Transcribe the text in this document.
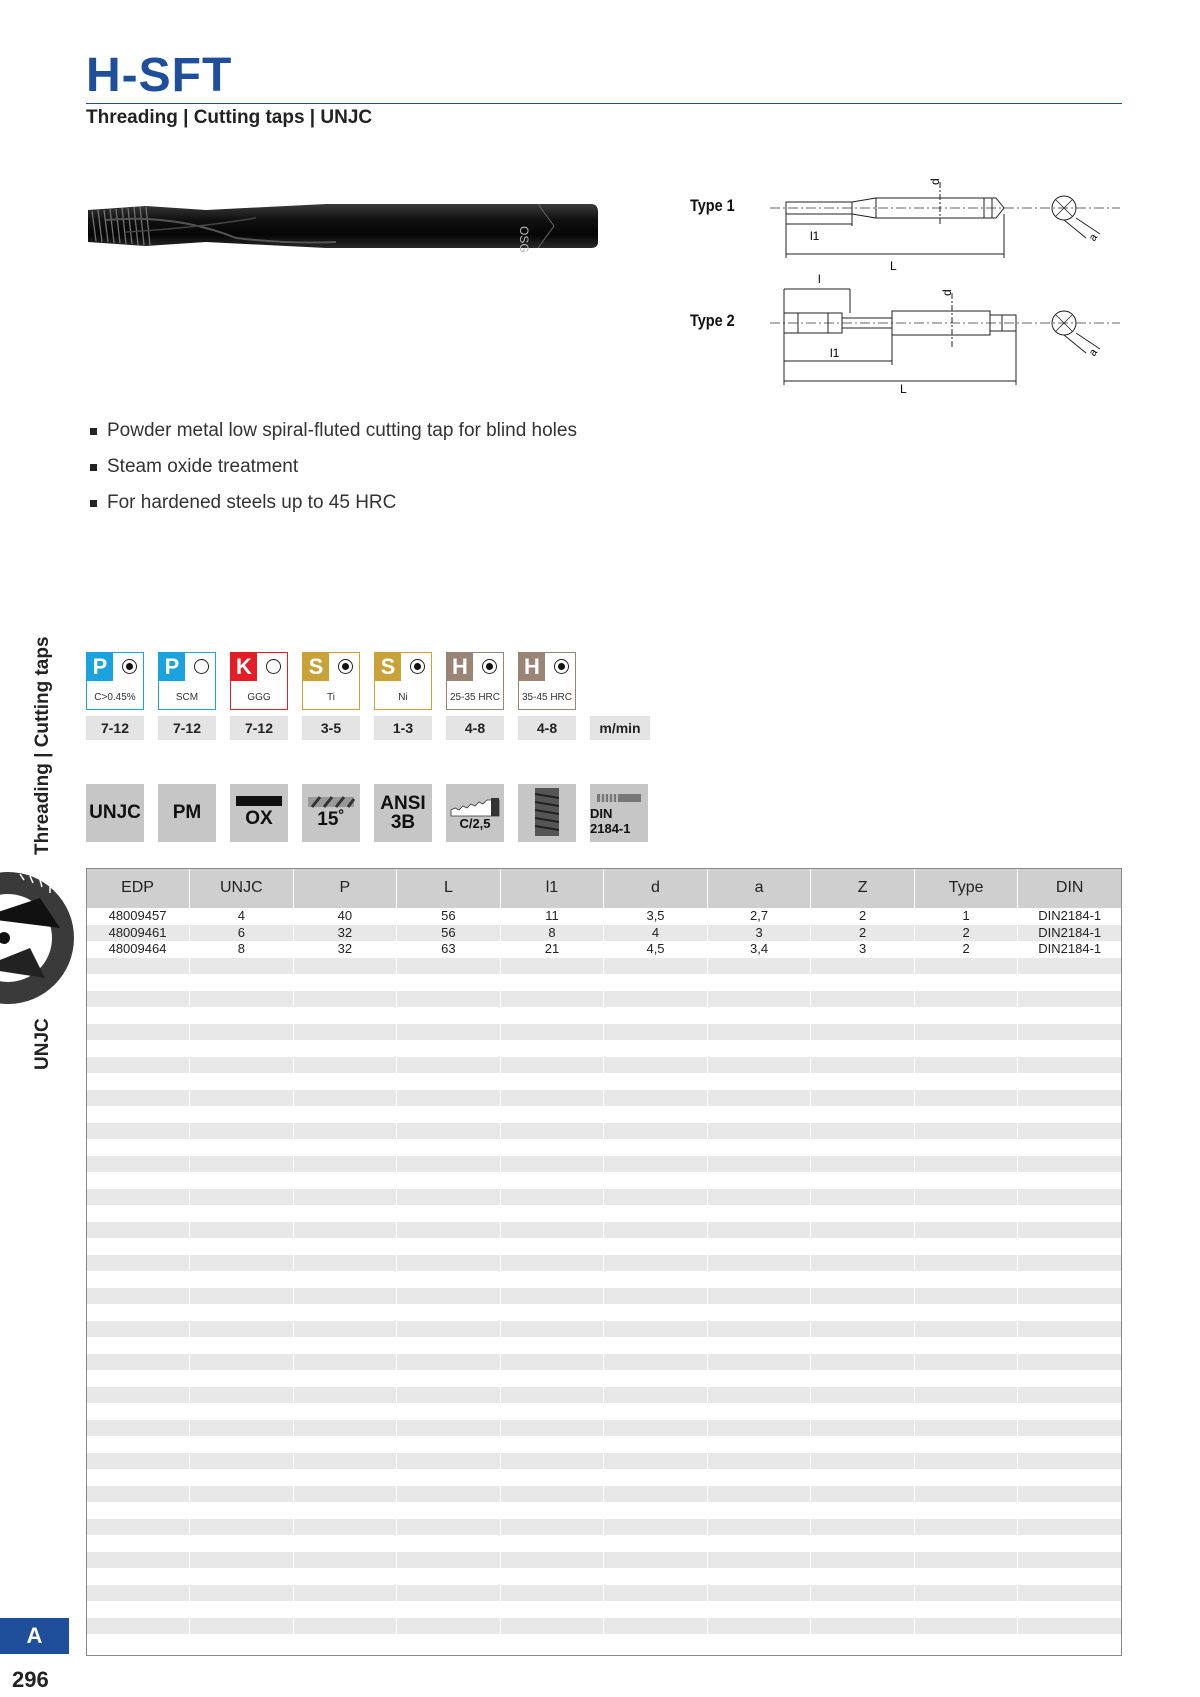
H-SFT
Threading | Cutting taps | UNJC
OSG
Type 1
d
l1
L
a
Type 2
l
d
l1
L
a
Powder metal low spiral-fluted cutting tap for blind holes
Steam oxide treatment
For hardened steels up to 45 HRC
Threading | Cutting taps
UNJC
A
296
P
C>0.45%
7-12
P
SCM
7-12
K
GGG
7-12
S
Ti
3-5
S
Ni
1-3
H
25-35 HRC
4-8
H
35-45 HRC
4-8	m/min
UNJC PM OX 15˚
ANSI
3B	C/2,5
DIN 2184-1
EDP	UNJC	P	L	l1	d	a	Z	Type	DIN
48009457	4	40	56	11	3,5	2,7	2	1	DIN2184-1
48009461	6	32	56	8	4	3	2	2	DIN2184-1
48009464	8	32	63	21	4,5	3,4	3	2	DIN2184-1
